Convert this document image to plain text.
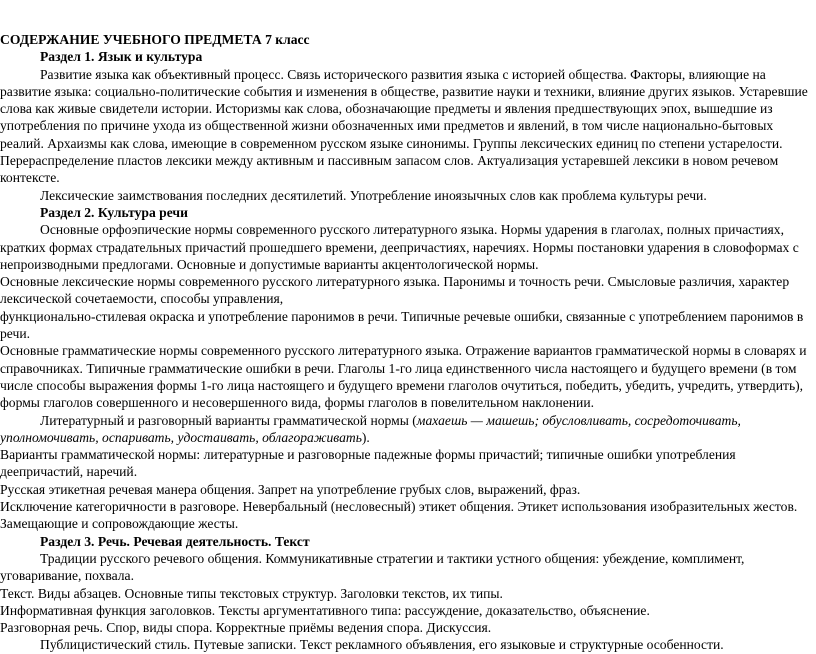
СОДЕРЖАНИЕ УЧЕБНОГО ПРЕДМЕТА 7 класс

Раздел 1. Язык и культура

Развитие языка как объективный процесс. Связь исторического развития языка с историей общества. Факторы, влияющие на развитие языка: социально-политические события и изменения в обществе, развитие науки и техники, влияние других языков. Устаревшие слова как живые свидетели истории. Историзмы как слова, обозначающие предметы и явления предшествующих эпох, вышедшие из употребления по причине ухода из общественной жизни обозначенных ими предметов и явлений, в том числе национально-бытовых реалий. Архаизмы как слова, имеющие в современном русском языке синонимы. Группы лексических единиц по степени устарелости. Перераспределение пластов лексики между активным и пассивным запасом слов. Актуализация устаревшей лексики в новом речевом контексте.

Лексические заимствования последних десятилетий. Употребление иноязычных слов как проблема культуры речи.

Раздел 2. Культура речи

Основные орфоэпические нормы современного русского литературного языка. Нормы ударения в глаголах, полных причастиях, кратких формах страдательных причастий прошедшего времени, деепричастиях, наречиях. Нормы постановки ударения в словоформах с непроизводными предлогами. Основные и допустимые варианты акцентологической нормы.

Основные лексические нормы современного русского литературного языка. Паронимы и точность речи. Смысловые различия, характер лексической сочетаемости, способы управления,

функционально-стилевая окраска и употребление паронимов в речи. Типичные речевые ошибки, связанные с употреблением паронимов в речи.

Основные грамматические нормы современного русского литературного языка. Отражение вариантов грамматической нормы в словарях и справочниках. Типичные грамматические ошибки в речи. Глаголы 1-го лица единственного числа настоящего и будущего времени (в том числе способы выражения формы 1-го лица настоящего и будущего времени глаголов очутиться, победить, убедить, учредить, утвердить), формы глаголов совершенного и несовершенного вида, формы глаголов в повелительном наклонении.

Литературный и разговорный варианты грамматической нормы (махаешь — машешь; обусловливать, сосредоточивать, уполномочивать, оспаривать, удостаивать, облагораживать).

Варианты грамматической нормы: литературные и разговорные падежные формы причастий; типичные ошибки употребления деепричастий, наречий.

Русская этикетная речевая манера общения. Запрет на употребление грубых слов, выражений, фраз.

Исключение категоричности в разговоре. Невербальный (несловесный) этикет общения. Этикет использования изобразительных жестов. Замещающие и сопровождающие жесты.

Раздел 3. Речь. Речевая деятельность. Текст

Традиции русского речевого общения. Коммуникативные стратегии и тактики устного общения: убеждение, комплимент, уговаривание, похвала.

Текст. Виды абзацев. Основные типы текстовых структур. Заголовки текстов, их типы.

Информативная функция заголовков. Тексты аргументативного типа: рассуждение, доказательство, объяснение.

Разговорная речь. Спор, виды спора. Корректные приёмы ведения спора. Дискуссия.

Публицистический стиль. Путевые записки. Текст рекламного объявления, его языковые и структурные особенности.
